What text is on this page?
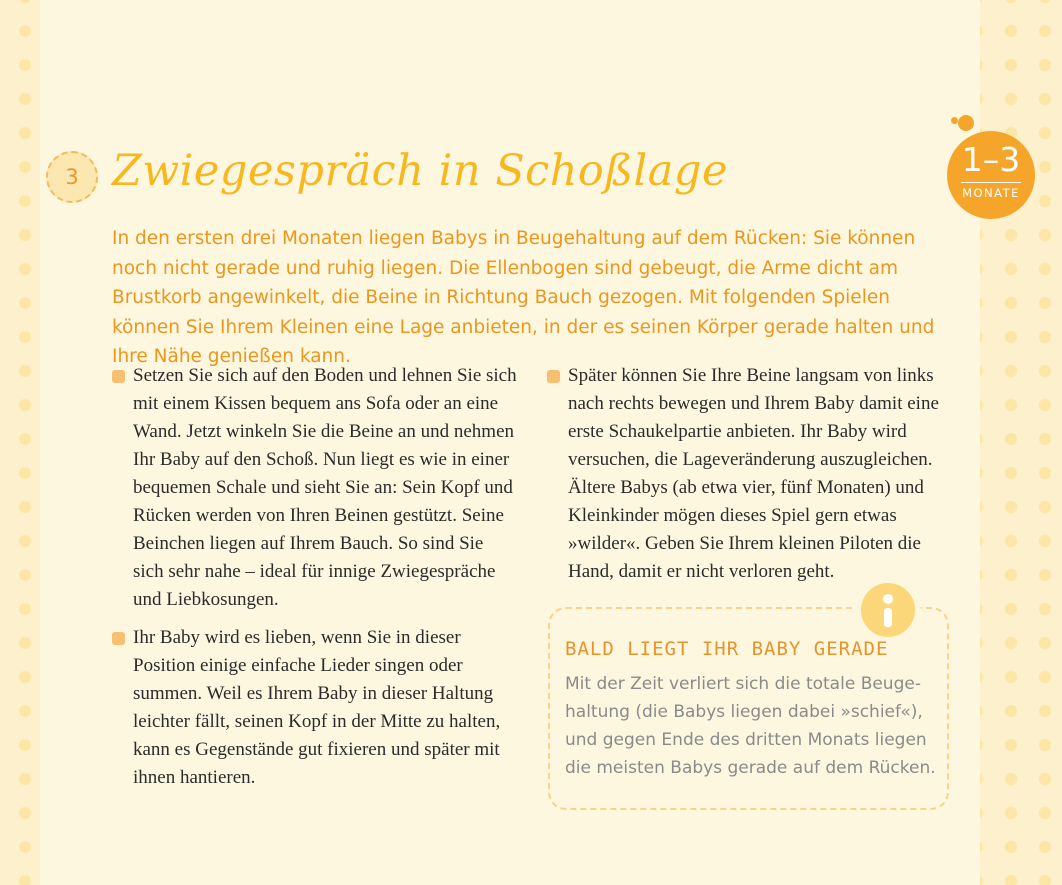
3 Zwiegespräch in Schoßlage

In den ersten drei Monaten liegen Babys in Beugehaltung auf dem Rücken: Sie können noch nicht gerade und ruhig liegen. Die Ellenbogen sind gebeugt, die Arme dicht am Brustkorb angewinkelt, die Beine in Richtung Bauch gezogen. Mit folgenden Spielen können Sie Ihrem Kleinen eine Lage anbieten, in der es seinen Körper gerade halten und Ihre Nähe genießen kann.

1–3
MONATE
Setzen Sie sich auf den Boden und lehnen Sie sich mit einem Kissen bequem ans Sofa oder an eine Wand. Jetzt winkeln Sie die Beine an und nehmen Ihr Baby auf den Schoß. Nun liegt es wie in einer bequemen Schale und sieht Sie an: Sein Kopf und Rücken werden von Ihren Beinen gestützt. Seine Beinchen liegen auf Ihrem Bauch. So sind Sie sich sehr nahe – ideal für innige Zwiegespräche und Liebkosungen.
Ihr Baby wird es lieben, wenn Sie in dieser Position einige einfache Lieder singen oder summen. Weil es Ihrem Baby in dieser Haltung leichter fällt, seinen Kopf in der Mitte zu halten, kann es Gegenstände gut fixieren und später mit ihnen hantieren.
Später können Sie Ihre Beine langsam von links nach rechts bewegen und Ihrem Baby damit eine erste Schaukelpartie anbieten. Ihr Baby wird versuchen, die Lageveränderung auszugleichen. Ältere Babys (ab etwa vier, fünf Monaten) und Kleinkinder mögen dieses Spiel gern etwas »wilder«. Geben Sie Ihrem kleinen Piloten die Hand, damit er nicht verloren geht.
BALD LIEGT IHR BABY GERADE

Mit der Zeit verliert sich die totale Beugehaltung (die Babys liegen dabei »schief«), und gegen Ende des dritten Monats liegen die meisten Babys gerade auf dem Rücken.
